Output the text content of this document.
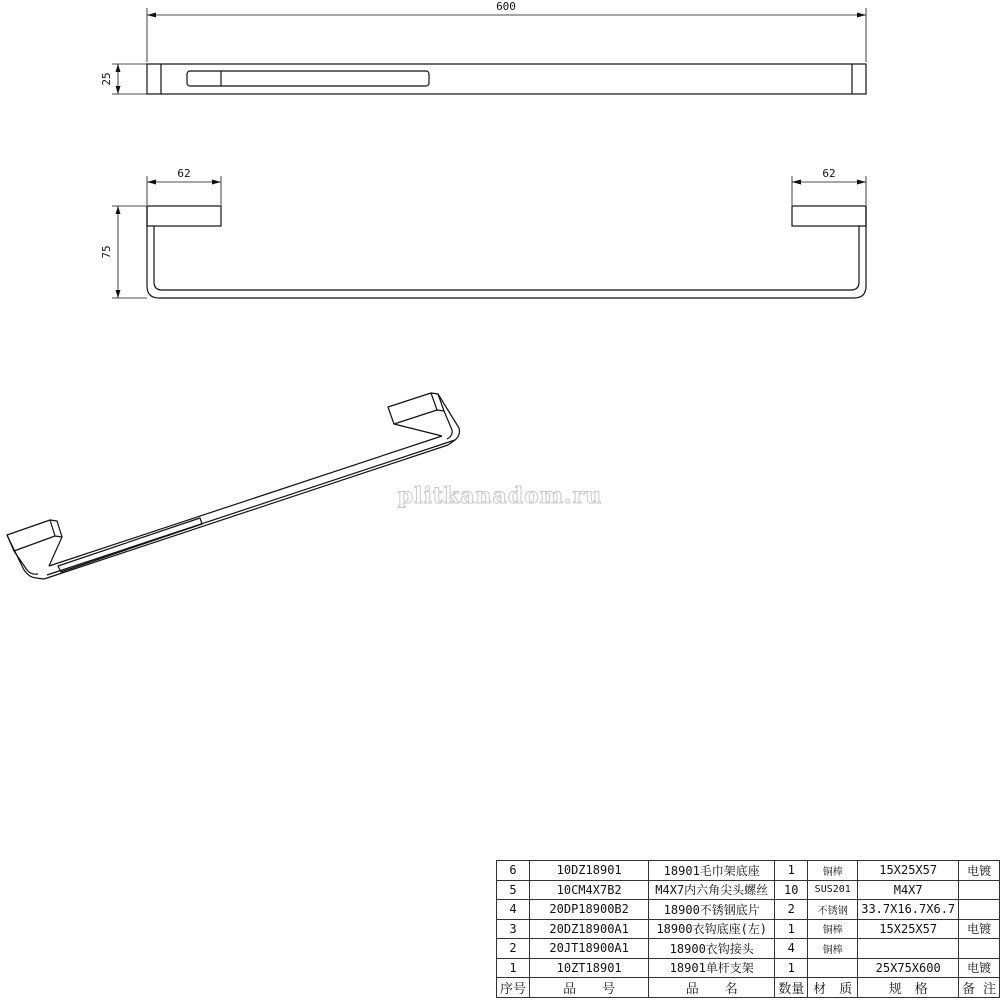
600
25
62	62
75
plitkanadom.ru
6	10DZ18901	18901毛巾架底座	1	铜棒	15X25X57	电镀
5	10CM4X7B2	M4X7内六角尖头螺丝	10	SUS201	M4X7	
4	20DP18900B2	18900不锈钢底片	2	不锈钢	33.7X16.7X6.7	
3	20DZ18900A1	18900衣钩底座(左)	1	铜棒	15X25X57	电镀
2	20JT18900A1	18900衣钩接头	4	铜棒		
1	10ZT18901	18901单杆支架	1		25X75X600	电镀
序号	品　　号	品　　名	数量	材　质	规　格	备 注
